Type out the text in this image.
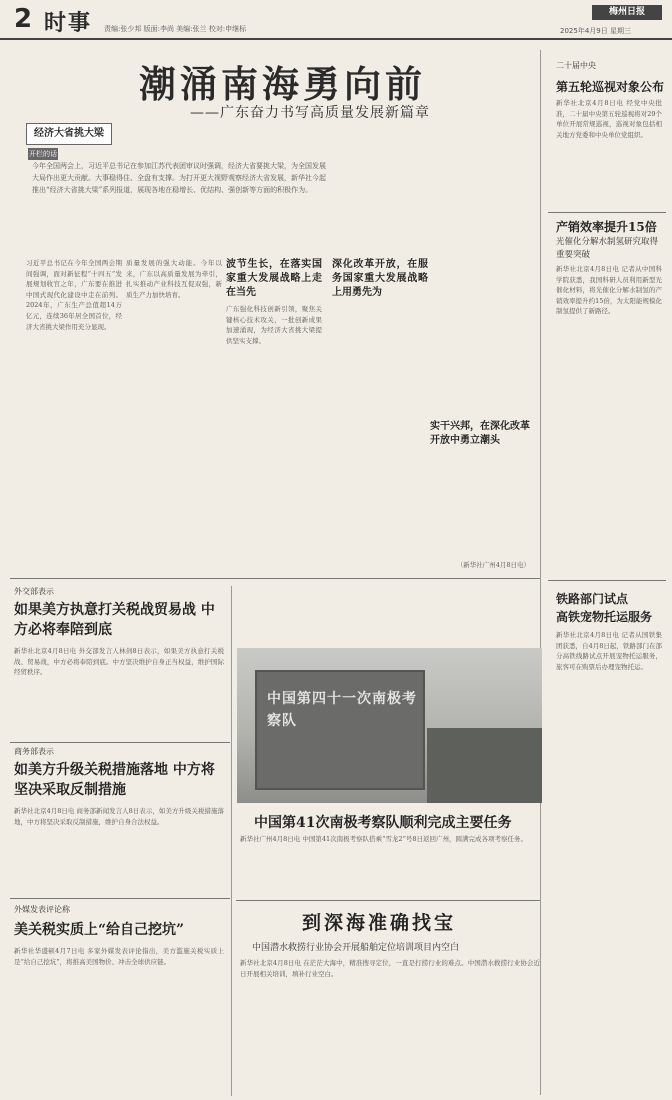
2 时事 责编:张少邦 版面:李尚 美编:张兰 校对:申继标
梅州日报
2025年4月9日 星期三
潮涌南海勇向前
——广东奋力书写高质量发展新篇章
经济大省挑大梁
开栏的话
今年全国两会上，习近平总书记在参加江苏代表团审议时强调，经济大省要挑大梁，为全国发展大局作出更大贡献。大事稳得住、全盘有支撑。为打开更大视野观察经济大省发展，新华社今起推出“经济大省挑大梁”系列报道，展现各地在稳增长、优结构、强创新等方面的积极作为。
习近平总书记在今年全国两会期间强调，面对新征程“十四五”发展规划收官之年，广东要在推进中国式现代化建设中走在前列。2024年，广东生产总值超14万亿元，连续36年居全国首位，经济大省挑大梁作用充分显现。
质量发展的强大动能。今年以来，广东以高质量发展为牵引，扎实推动产业科技互促双强，新质生产力加快培育。
波节生长，在落实国家重大发展战略上走在当先
广东强化科技创新引领，聚焦关键核心技术攻关，一批创新成果加速涌现，为经济大省挑大梁提供坚实支撑。
深化改革开放，在服务国家重大发展战略上用勇先为
实干兴邦，在深化改革开放中勇立潮头
（新华社广州4月8日电）
二十届中央
第五轮巡视对象公布
新华社北京4月8日电 经党中央批准，二十届中央第五轮巡视将对29个单位开展常规巡视，巡视对象包括相关地方党委和中央单位党组织。
产销效率提升15倍
光催化分解水制氢研究取得重要突破
新华社北京4月8日电 记者从中国科学院获悉，我国科研人员利用新型光催化材料，将光催化分解水制氢的产销效率提升约15倍，为太阳能规模化制氢提供了新路径。
铁路部门试点
高铁宠物托运服务
新华社北京4月8日电 记者从国铁集团获悉，自4月8日起，铁路部门在部分高铁线路试点开展宠物托运服务，旅客可在购票后办理宠物托运。
外交部表示
如果美方执意打关税战贸易战 中方必将奉陪到底
新华社北京4月8日电 外交部发言人林剑8日表示，如果美方执意打关税战、贸易战，中方必将奉陪到底。中方坚决维护自身正当权益，维护国际经贸秩序。
商务部表示
如美方升级关税措施落地 中方将坚决采取反制措施
新华社北京4月8日电 商务部新闻发言人8日表示，如美方升级关税措施落地，中方将坚决采取反制措施，维护自身合法权益。
外媒发表评论称
美关税实质上“给自己挖坑”
新华社华盛顿4月7日电 多家外媒发表评论指出，美方滥施关税实质上是“给自己挖坑”，将推高美国物价、冲击全球供应链。
中国第四十一次南极考察队
中国第41次南极考察队顺利完成主要任务
新华社广州4月8日电 中国第41次南极考察队搭乘“雪龙2”号8日返回广州，圆满完成各项考察任务。
到深海准确找宝
中国潜水救捞行业协会开展船舶定位培训项目内空白
新华社北京4月8日电 在茫茫大海中，精准搜寻定位，一直是打捞行业的难点。中国潜水救捞行业协会近日开展相关培训，填补行业空白。
